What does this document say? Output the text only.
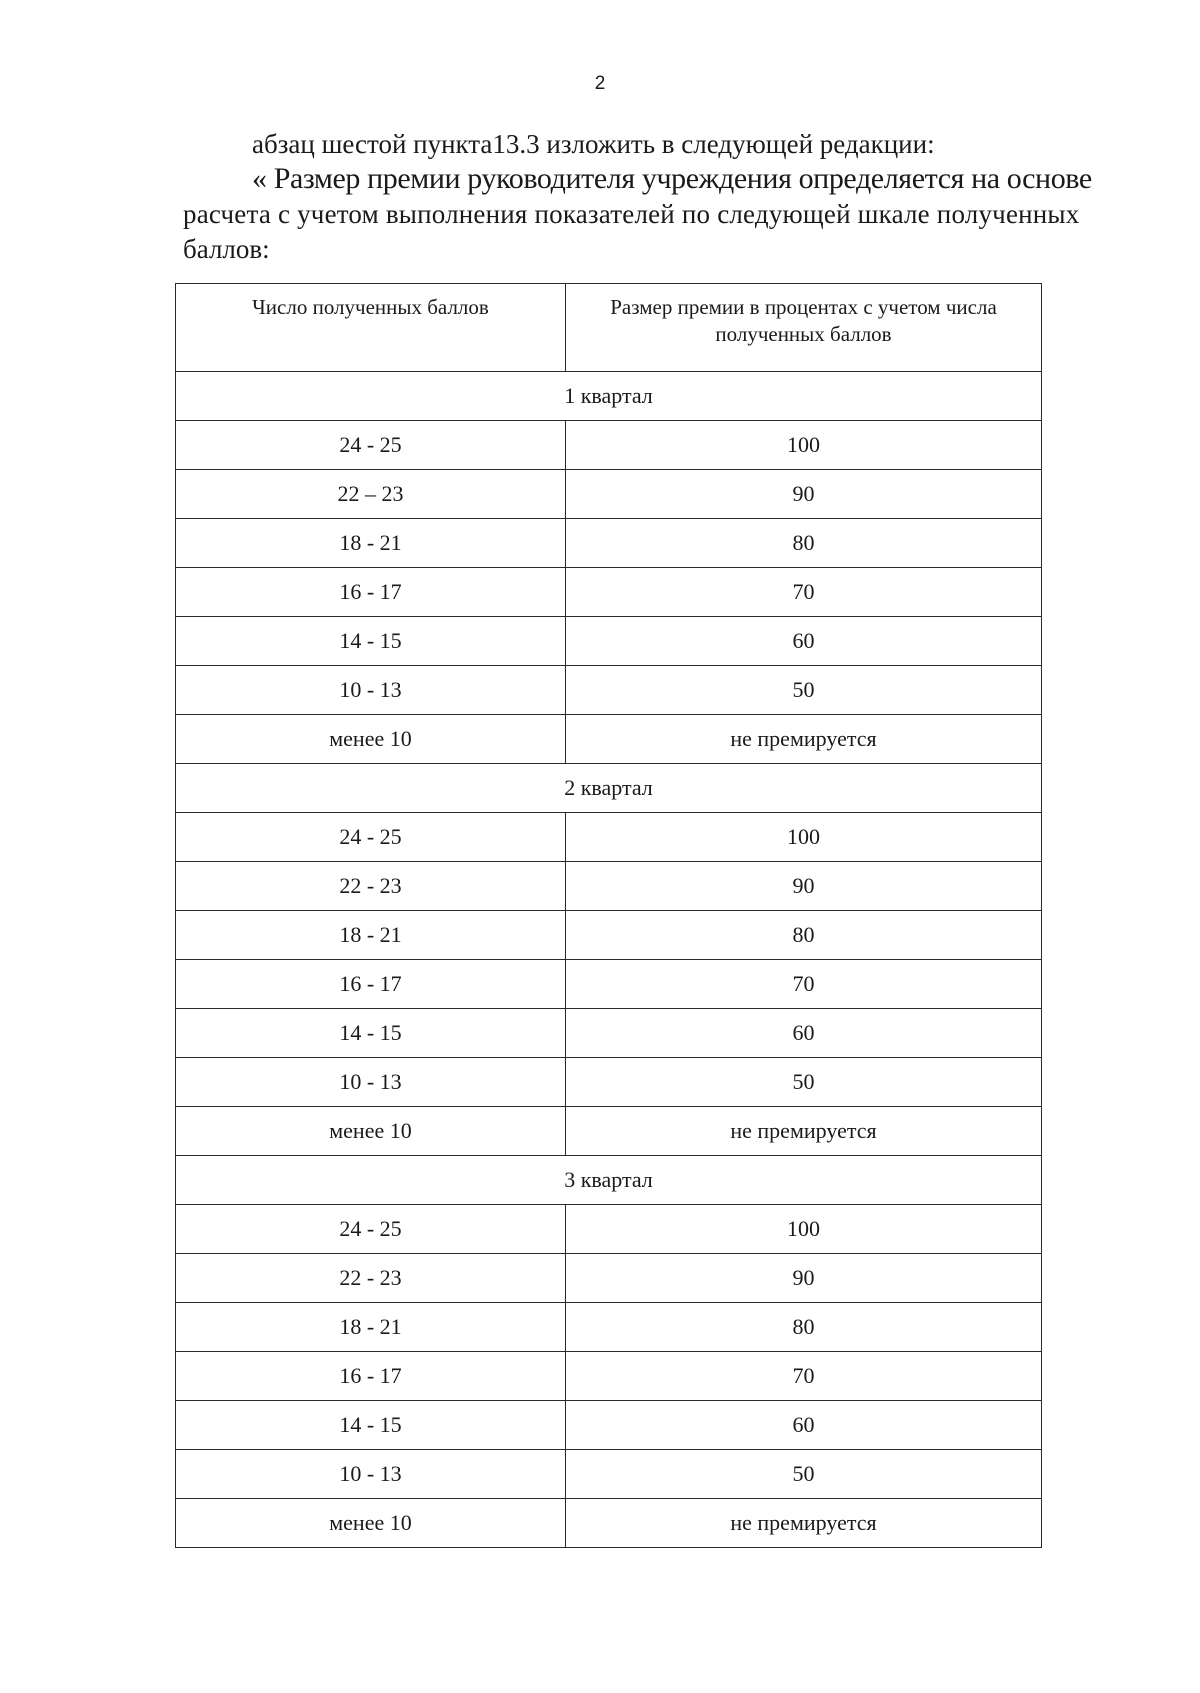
2
абзац шестой пункта13.3 изложить в следующей редакции:
« Размер премии руководителя учреждения определяется на основе
расчета с учетом выполнения показателей по следующей шкале полученных
баллов:
Число полученных баллов	Размер премии в процентах с учетом числа
полученных баллов
1 квартал	
24 - 25	100
22 – 23	90
18 - 21	80
16 - 17	70
14 - 15	60
10 - 13	50
менее 10	не премируется
2 квартал	
24 - 25	100
22 - 23	90
18 - 21	80
16 - 17	70
14 - 15	60
10 - 13	50
менее 10	не премируется
3 квартал	
24 - 25	100
22 - 23	90
18 - 21	80
16 - 17	70
14 - 15	60
10 - 13	50
менее 10	не премируется
